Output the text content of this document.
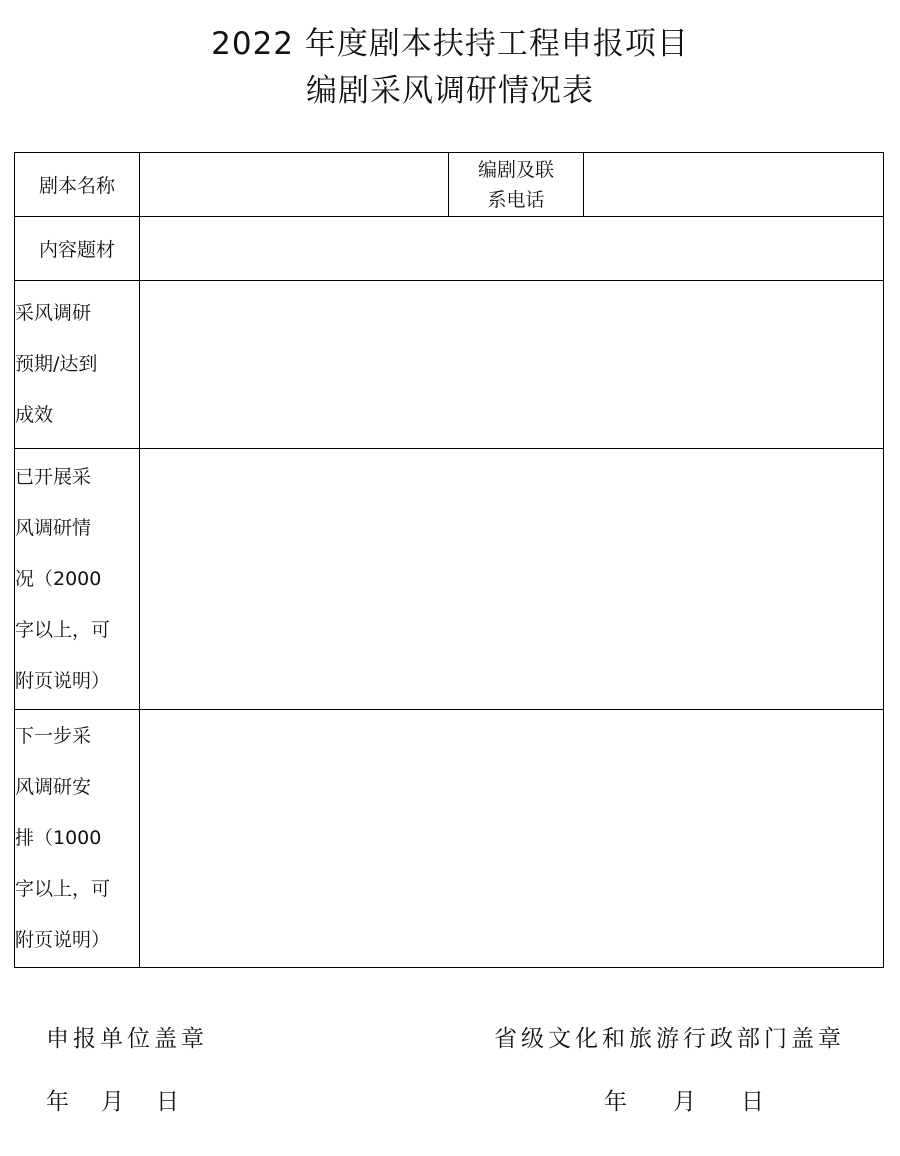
2022 年度剧本扶持工程申报项目
编剧采风调研情况表
剧本名称		编剧及联
系电话	

内容题材			

采风调研
预期/达到
成效			

已开展采
风调研情
况（2000
字以上，可
附页说明）			

下一步采
风调研安
排（1000
字以上，可
附页说明）			

申报单位盖章	省级文化和旅游行政部门盖章
年 月 日	年 月 日
